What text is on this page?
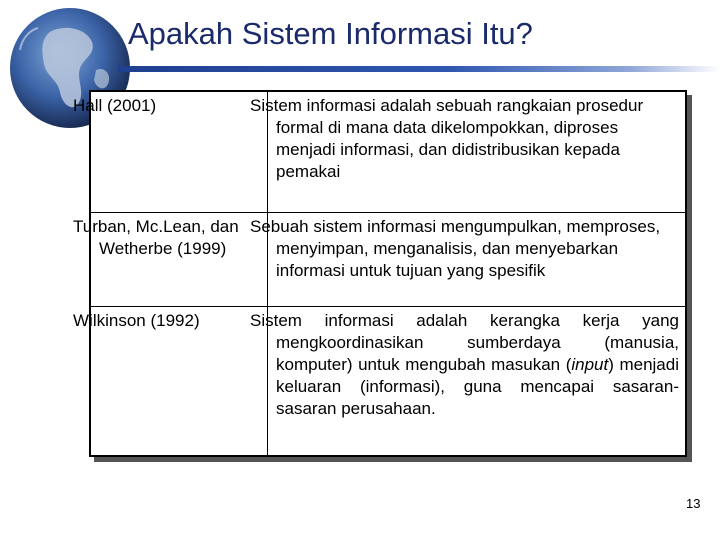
Apakah Sistem Informasi Itu?
Hall (2001)	Sistem informasi adalah sebuah rangkaian prosedur formal di mana data dikelompokkan, diproses menjadi informasi, dan didistribusikan kepada pemakai
Turban, Mc.Lean, dan Wetherbe (1999)	Sebuah sistem informasi mengumpulkan, memproses, menyimpan, menganalisis, dan menyebarkan informasi untuk tujuan yang spesifik
Wilkinson (1992)	Sistem informasi adalah kerangka kerja yang mengkoordinasikan sumberdaya (manusia, komputer) untuk mengubah masukan (input) menjadi keluaran (informasi), guna mencapai sasaran-sasaran perusahaan.
13
